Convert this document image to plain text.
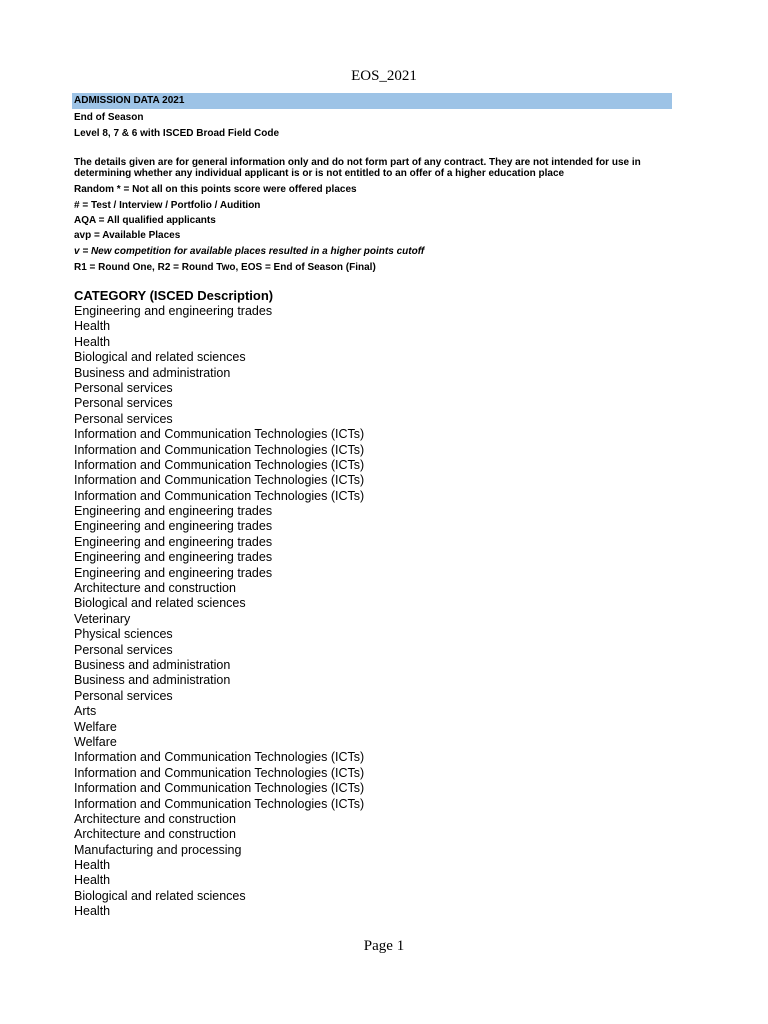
EOS_2021
ADMISSION DATA 2021
End of Season
Level 8, 7 & 6 with ISCED Broad Field Code
The details given are for general information only and do not form part of any contract. They are not intended for use in determining whether any individual applicant is or is not entitled to an offer of a higher education place
Random * = Not all on this points score were offered places
# = Test / Interview / Portfolio / Audition
AQA = All qualified applicants
avp = Available Places
v = New competition for available places resulted in a higher points cutoff
R1 = Round One, R2 = Round Two, EOS = End of Season (Final)
CATEGORY (ISCED Description)
Engineering and engineering trades
Health
Health
Biological and related sciences
Business and administration
Personal services
Personal services
Personal services
Information and Communication Technologies (ICTs)
Information and Communication Technologies (ICTs)
Information and Communication Technologies (ICTs)
Information and Communication Technologies (ICTs)
Information and Communication Technologies (ICTs)
Engineering and engineering trades
Engineering and engineering trades
Engineering and engineering trades
Engineering and engineering trades
Engineering and engineering trades
Architecture and construction
Biological and related sciences
Veterinary
Physical sciences
Personal services
Business and administration
Business and administration
Personal services
Arts
Welfare
Welfare
Information and Communication Technologies (ICTs)
Information and Communication Technologies (ICTs)
Information and Communication Technologies (ICTs)
Information and Communication Technologies (ICTs)
Architecture and construction
Architecture and construction
Manufacturing and processing
Health
Health
Biological and related sciences
Health
Page 1
